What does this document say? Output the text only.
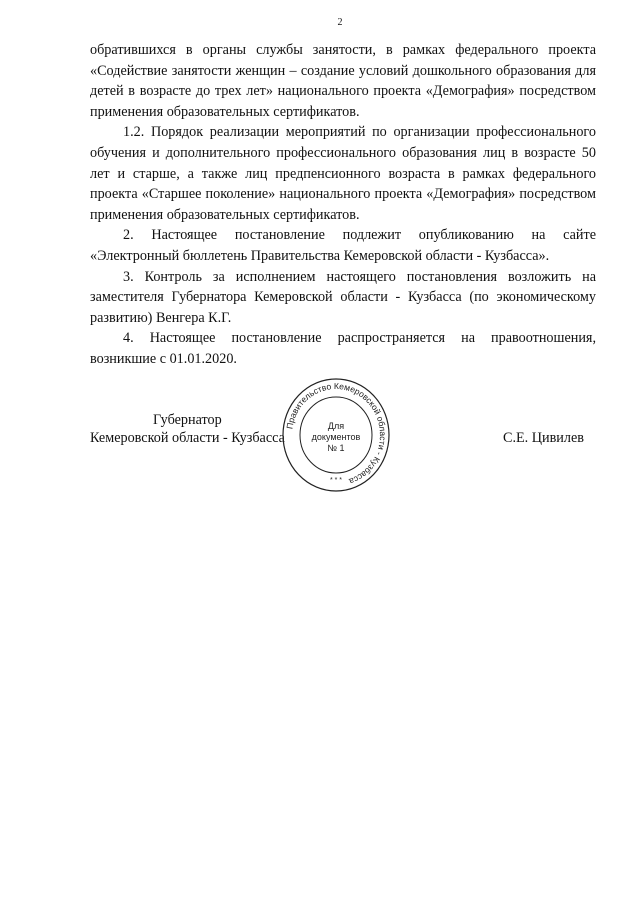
2

обратившихся в органы службы занятости, в рамках федерального проекта «Содействие занятости женщин – создание условий дошкольного образования для детей в возрасте до трех лет» национального проекта «Демография» посредством применения образовательных сертификатов.

1.2. Порядок реализации мероприятий по организации профессионального обучения и дополнительного профессионального образования лиц в возрасте 50 лет и старше, а также лиц предпенсионного возраста в рамках федерального проекта «Старшее поколение» национального проекта «Демография» посредством применения образовательных сертификатов.

2. Настоящее постановление подлежит опубликованию на сайте «Электронный бюллетень Правительства Кемеровской области - Кузбасса».

3. Контроль за исполнением настоящего постановления возложить на заместителя Губернатора Кемеровской области - Кузбасса (по экономическому развитию) Венгера К.Г.

4. Настоящее постановление распространяется на правоотношения, возникшие с 01.01.2020.

Губернатор
Кемеровской области - Кузбасса	С.Е. Цивилев
Правительство Кемеровской области - Кузбасса
Для
документов
№ 1
* * *
